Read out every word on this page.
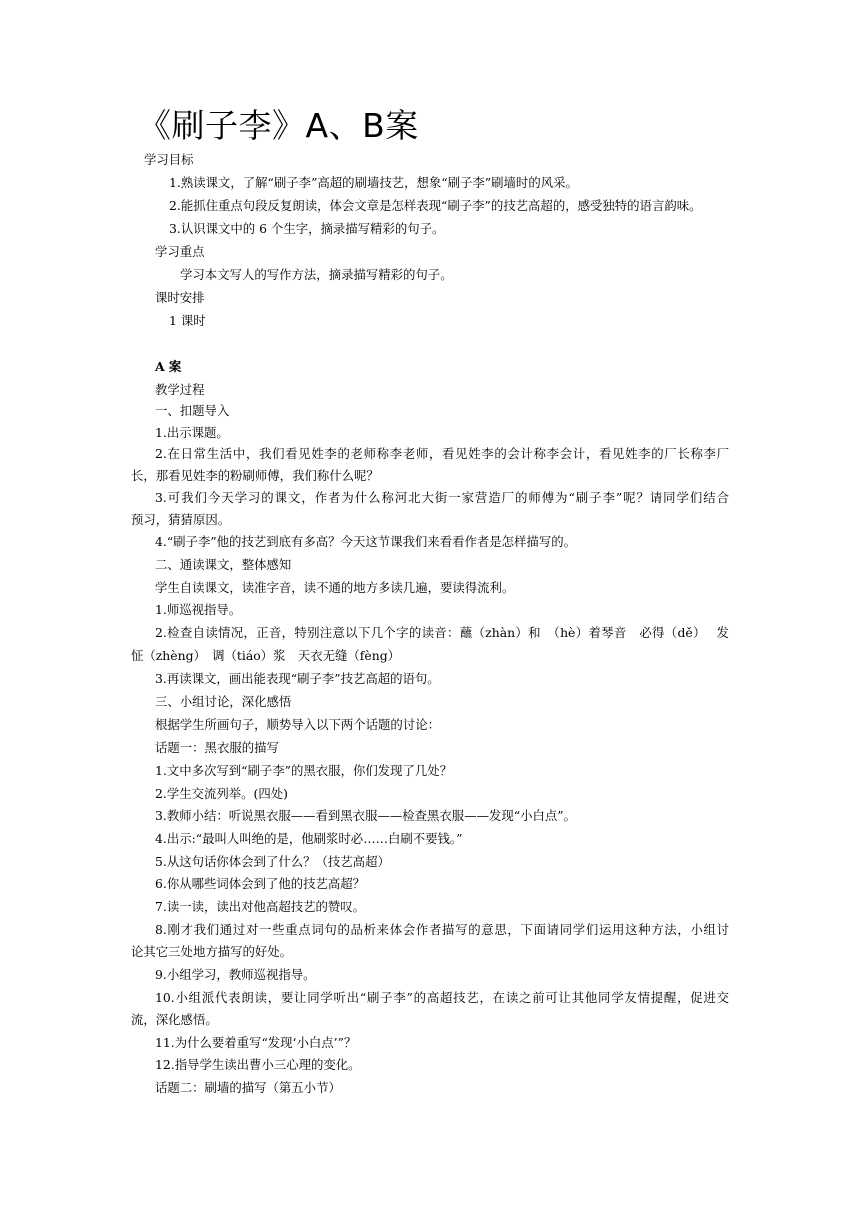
《刷子李》A、B案
学习目标
1.熟读课文，了解“刷子李”高超的刷墙技艺，想象“刷子李”刷墙时的风采。
2.能抓住重点句段反复朗读，体会文章是怎样表现“刷子李”的技艺高超的，感受独特的语言韵味。
3.认识课文中的 6 个生字，摘录描写精彩的句子。
学习重点
学习本文写人的写作方法，摘录描写精彩的句子。
课时安排
1 课时
A 案
教学过程
一、扣题导入
1.出示课题。
2.在日常生活中，我们看见姓李的老师称李老师，看见姓李的会计称李会计，看见姓李的厂长称李厂
长，那看见姓李的粉刷师傅，我们称什么呢？
3.可我们今天学习的课文，作者为什么称河北大街一家营造厂的师傅为“刷子李”呢？请同学们结合
预习，猜猜原因。
4.“刷子李”他的技艺到底有多高？今天这节课我们来看看作者是怎样描写的。
二、通读课文，整体感知
学生自读课文，读准字音，读不通的地方多读几遍，要读得流利。
1.师巡视指导。
2.检查自读情况，正音，特别注意以下几个字的读音：蘸（zhàn）和　（hè）着琴音　必得（dě）　 发
怔（zhèng）　调（tiáo）浆　天衣无缝（fèng）
3.再读课文，画出能表现“刷子李”技艺高超的语句。
三、小组讨论，深化感悟
根据学生所画句子，顺势导入以下两个话题的讨论：
话题一：黑衣服的描写
1.文中多次写到“刷子李”的黑衣服，你们发现了几处？
2.学生交流列举。(四处)
3.教师小结：听说黑衣服——看到黑衣服——检查黑衣服——发现“小白点”。
4.出示:“最叫人叫绝的是，他刷浆时必……白刷不要钱。”
5.从这句话你体会到了什么？（技艺高超）
6.你从哪些词体会到了他的技艺高超？
7.读一读，读出对他高超技艺的赞叹。
8.刚才我们通过对一些重点词句的品析来体会作者描写的意思，下面请同学们运用这种方法，小组讨
论其它三处地方描写的好处。
9.小组学习，教师巡视指导。
10.小组派代表朗读，要让同学听出“刷子李”的高超技艺，在读之前可让其他同学友情提醒，促进交
流，深化感悟。
11.为什么要着重写“发现‘小白点’”？
12.指导学生读出曹小三心理的变化。
话题二：刷墙的描写（第五小节）
